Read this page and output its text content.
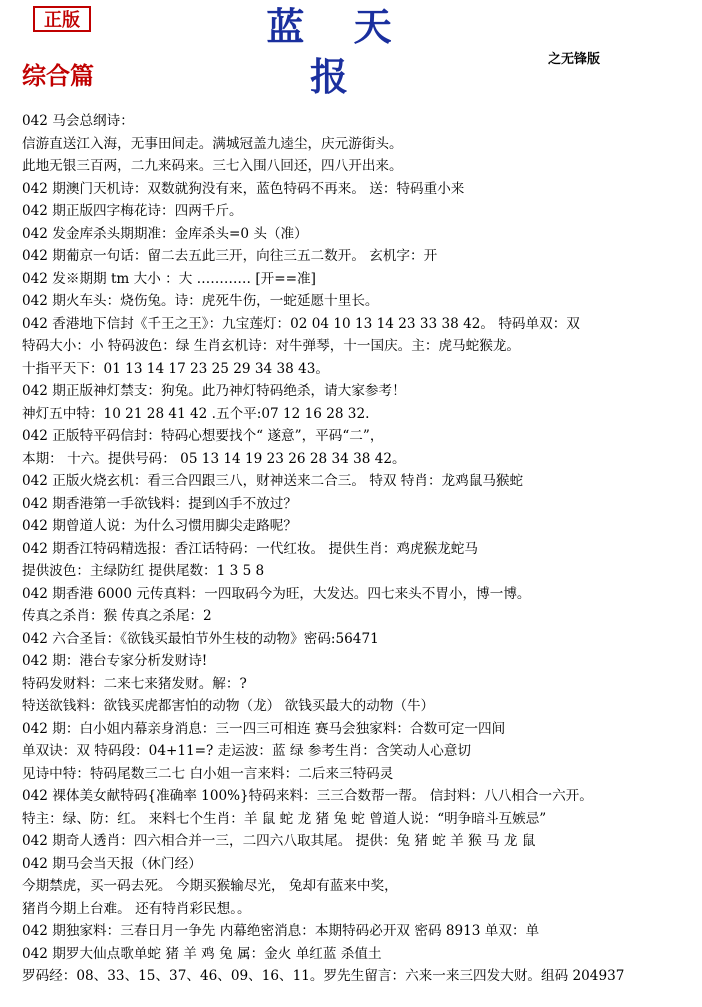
正版	蓝 天 报	之无锋版
综合篇
042 马会总纲诗：
信游直送江入海，无事田间走。满城冠盖九逵尘，庆元游街头。
此地无银三百两，二九来码来。三七入围八回还，四八开出来。
042 期澳门天机诗：双数就狗没有来，蓝色特码不再来。 送：特码重小来
042 期正版四字梅花诗：四两千斤。
042 发金库杀头期期准：金库杀头=0 头（准）
042 期葡京一句话：留二去五此三开，向往三五二数开。 玄机字：开
042 发※期期 tm 大小 ：大 ………… [开==准]
042 期火车头：烧伤兔。诗：虎死牛伤，一蛇延愿十里长。
042 香港地下信封《千王之王》：九宝莲灯：02 04 10 13 14 23 33 38 42。 特码单双：双
特码大小：小 特码波色：绿 生肖玄机诗：对牛弹琴，十一国庆。主：虎马蛇猴龙。
十指平天下：01 13 14 17 23 25 29 34 38 43。
042 期正版神灯禁支：狗兔。此乃神灯特码绝杀，请大家参考！
神灯五中特：10 21 28 41 42 .五个平:07 12 16 28 32.
042 正版特平码信封：特码心想要找个“ 遂意”，平码“二”，
本期： 十六。提供号码： 05 13 14 19 23 26 28 34 38 42。
042 正版火烧玄机：看三合四跟三八，财神送来二合三。 特双 特肖：龙鸡鼠马猴蛇
042 期香港第一手欲钱料：提到凶手不放过？
042 期曾道人说：为什么习惯用脚尖走路呢？
042 期香江特码精选报：香江话特码：一代红妆。 提供生肖：鸡虎猴龙蛇马
提供波色：主绿防红 提供尾数：1 3 5 8
042 期香港 6000 元传真料：一四取码今为旺，大发达。四七来头不胃小，博一博。
传真之杀肖：猴 传真之杀尾：2
042 六合圣旨：《欲钱买最怕节外生枝的动物》密码:56471
042 期：港台专家分析发财诗!
特码发财料：二来七来猪发财。解：?
特送欲钱料：欲钱买虎都害怕的动物（龙） 欲钱买最大的动物（牛）
042 期：白小姐内幕亲身消息：三一四三可相连 赛马会独家料：合数可定一四间
单双诀：双 特码段：04+11=? 走运波：蓝 绿 参考生肖：含笑动人心意切
见诗中特：特码尾数三二七 白小姐一言来料：二后来三特码灵
042 裸体美女献特码{准确率 100%}特码来料：三三合数帮一帮。 信封料：八八相合一六开。
特主：绿、防：红。 来料七个生肖：羊 鼠 蛇 龙 猪 兔 蛇 曾道人说：“明争暗斗互嫉忌”
042 期奇人透肖：四六相合并一三，二四六八取其尾。 提供：兔 猪 蛇 羊 猴 马 龙 鼠
042 期马会当天报（休门经）
今期禁虎，买一码去死。 今期买猴输尽光， 兔却有蓝来中奖，
猪肖今期上台难。 还有特肖彩民想。。
042 期独家料：三春日月一争先 内幕绝密消息：本期特码必开双 密码 8913 单双：单
042 期罗大仙点歌单蛇 猪 羊 鸡 兔 属：金火 单红蓝 杀值土
罗码经：08、33、15、37、46、09、16、11。罗先生留言：六来一来三四发大财。组码 204937
